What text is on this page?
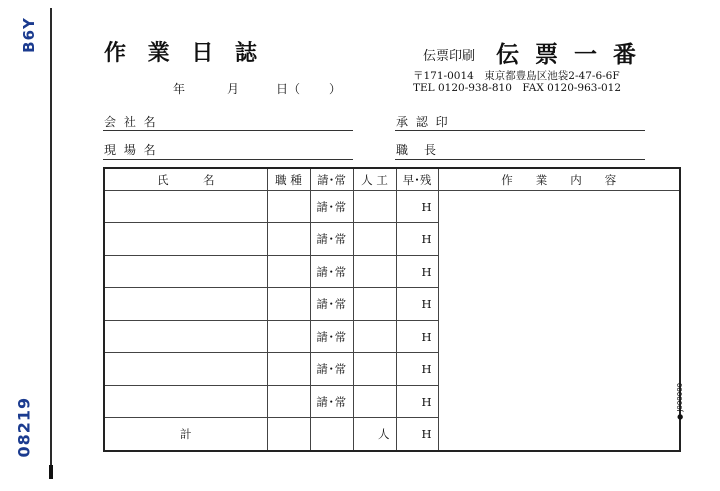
B6Y
08219
作 業 日 誌
年	月	日（ ）
伝票印刷 伝 票 一 番
〒171-0014　東京都豊島区池袋2-47-6-6F
TEL 0120-938-810　FAX 0120-963-012
会 社 名
現 場 名
承 認 印
職　長
氏　　　名	職 種	請･常	人 工	早･残	作　　業　　内　　容
		請･常		H	
		請･常		H	
		請･常		H	
		請･常		H	
		請･常		H	
		請･常		H	
		請･常		H	
計			人	H	
● J000000
